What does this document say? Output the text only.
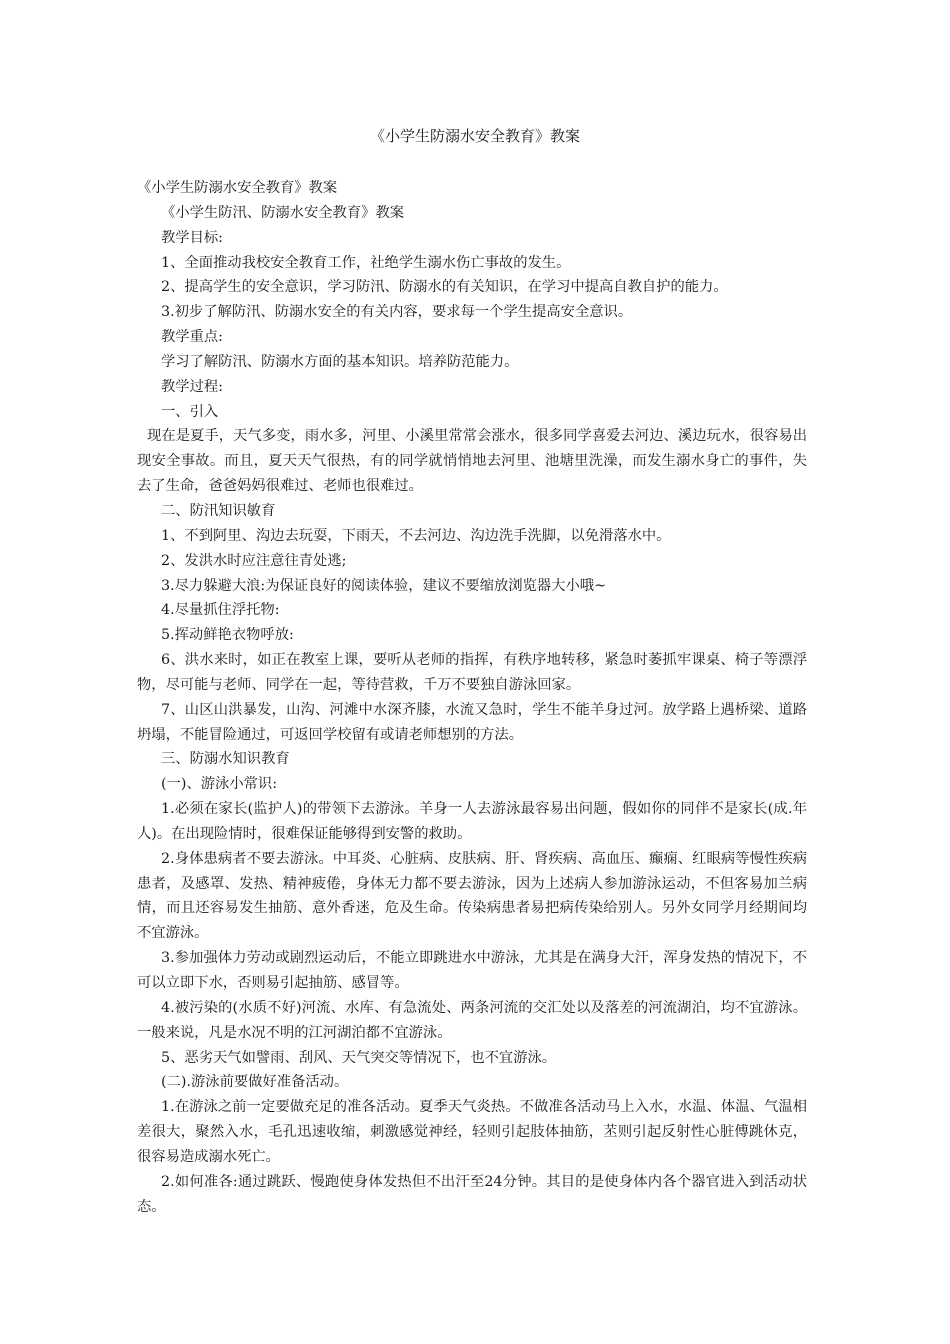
《小学生防溺水安全教育》教案

《小学生防溺水安全教育》教案

《小学生防汛、防溺水安全教育》教案

教学目标:

1、全面推动我校安全教育工作，社绝学生溺水伤亡事故的发生。

2、提高学生的安全意识，学习防汛、防溺水的有关知识，在学习中提高自教自护的能力。

3.初步了解防汛、防溺水安全的有关内容，要求每一个学生提高安全意识。

教学重点:

学习了解防汛、防溺水方面的基本知识。培养防范能力。

教学过程:

一、引入

现在是夏手，天气多变，雨水多，河里、小溪里常常会涨水，很多同学喜爱去河边、溪边玩水，很容易出现安全事故。而且，夏天天气很热，有的同学就悄悄地去河里、池塘里洗澡，而发生溺水身亡的事件，失去了生命，爸爸妈妈很难过、老师也很难过。

二、防汛知识敏育

1、不到阿里、沟边去玩耍，下雨天，不去河边、沟边洗手洗脚，以免滑落水中。

2、发洪水时应注意往青处逃;

3.尽力躲避大浪:为保证良好的阅读体验，建议不要缩放浏览器大小哦~

4.尽量抓住浮托物:

5.挥动鲜艳衣物呼放:

6、洪水来时，如正在教室上课，要听从老师的指挥，有秩序地转移，紧急时萎抓牢课桌、椅子等漂浮物，尽可能与老师、同学在一起，等待营救，千万不要独自游泳回家。

7、山区山洪暴发，山沟、河滩中水深齐膝，水流又急时，学生不能羊身过河。放学路上遇桥梁、道路坍塌，不能冒险通过，可返回学校留有或请老师想别的方法。

三、防溺水知识教育

(一)、游泳小常识:

1.必须在家长(监护人)的带领下去游泳。羊身一人去游泳最容易出问题，假如你的同伴不是家长(成.年人)。在出现险情时，很难保证能够得到安警的救助。

2.身体患病者不要去游泳。中耳炎、心脏病、皮肤病、肝、肾疾病、高血压、癫痫、红眼病等慢性疾病患者，及感罩、发热、精神疲倦，身体无力都不要去游泳，因为上述病人参加游泳运动，不但客易加兰病情，而且还容易发生抽筋、意外香迷，危及生命。传染病患者易把病传染给别人。另外女同学月经期间均不宜游泳。

3.参加强体力劳动或剧烈运动后，不能立即跳进水中游泳，尤其是在满身大汗，浑身发热的情况下，不可以立即下水，否则易引起抽筋、感冒等。

4.被污染的(水质不好)河流、水库、有急流处、两条河流的交汇处以及落差的河流湖泊，均不宜游泳。一般来说，凡是水况不明的江河湖泊都不宜游泳。

5、恶劣天气如譬雨、刮风、天气突交等情况下，也不宜游泳。

(二).游泳前要做好准备活动。

1.在游泳之前一定要做充足的准各活动。夏季天气炎热。不做准各活动马上入水，水温、体温、气温相差很大，聚然入水，毛孔迅速收缩，刺激感觉神经，轻则引起肢体抽筋，苤则引起反射性心脏傅跳休克，很容易造成溺水死亡。

2.如何准各:通过跳跃、慢跑使身体发热但不出汗至24分钟。其目的是使身体内各个器官进入到活动状态。
